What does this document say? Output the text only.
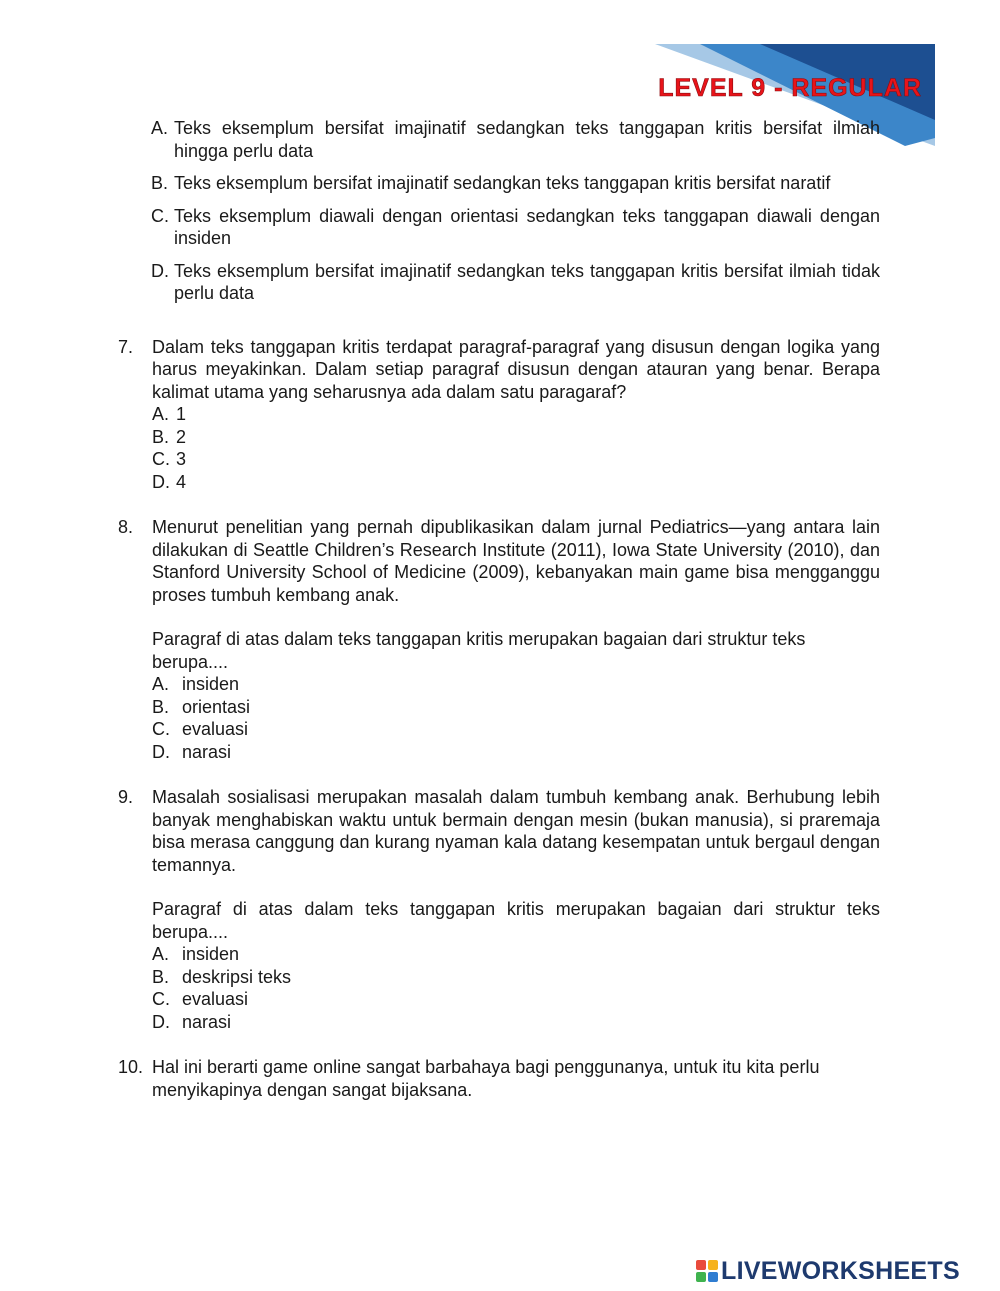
LEVEL 9 - REGULAR
A. Teks eksemplum bersifat imajinatif sedangkan teks tanggapan kritis bersifat ilmiah hingga perlu data
B. Teks eksemplum bersifat imajinatif sedangkan teks tanggapan kritis bersifat naratif
C. Teks eksemplum diawali dengan orientasi sedangkan teks tanggapan diawali dengan insiden
D. Teks eksemplum bersifat imajinatif sedangkan teks tanggapan kritis bersifat ilmiah tidak perlu data
7.	Dalam teks tanggapan kritis terdapat paragraf-paragraf yang disusun dengan logika yang harus meyakinkan. Dalam setiap paragraf disusun dengan atauran yang benar. Berapa kalimat utama yang seharusnya ada dalam satu paragaraf?
A. 1
B. 2
C. 3
D. 4
8.	Menurut penelitian yang pernah dipublikasikan dalam jurnal Pediatrics—yang antara lain dilakukan di Seattle Children’s Research Institute (2011), Iowa State University (2010), dan Stanford University School of Medicine (2009), kebanyakan main game bisa mengganggu proses tumbuh kembang anak.
Paragraf di atas dalam teks tanggapan kritis merupakan bagaian dari struktur teks berupa....
A. insiden
B. orientasi
C. evaluasi
D. narasi
9.	Masalah sosialisasi merupakan masalah dalam tumbuh kembang anak. Berhubung lebih banyak menghabiskan waktu untuk bermain dengan mesin (bukan manusia), si praremaja bisa merasa canggung dan kurang nyaman kala datang kesempatan untuk bergaul dengan temannya.
Paragraf di atas dalam teks tanggapan kritis merupakan bagaian dari struktur teks berupa....
A. insiden
B. deskripsi teks
C. evaluasi
D. narasi
10. Hal ini berarti game online sangat barbahaya bagi penggunanya, untuk itu kita perlu menyikapinya dengan sangat bijaksana.
LIVEWORKSHEETS
